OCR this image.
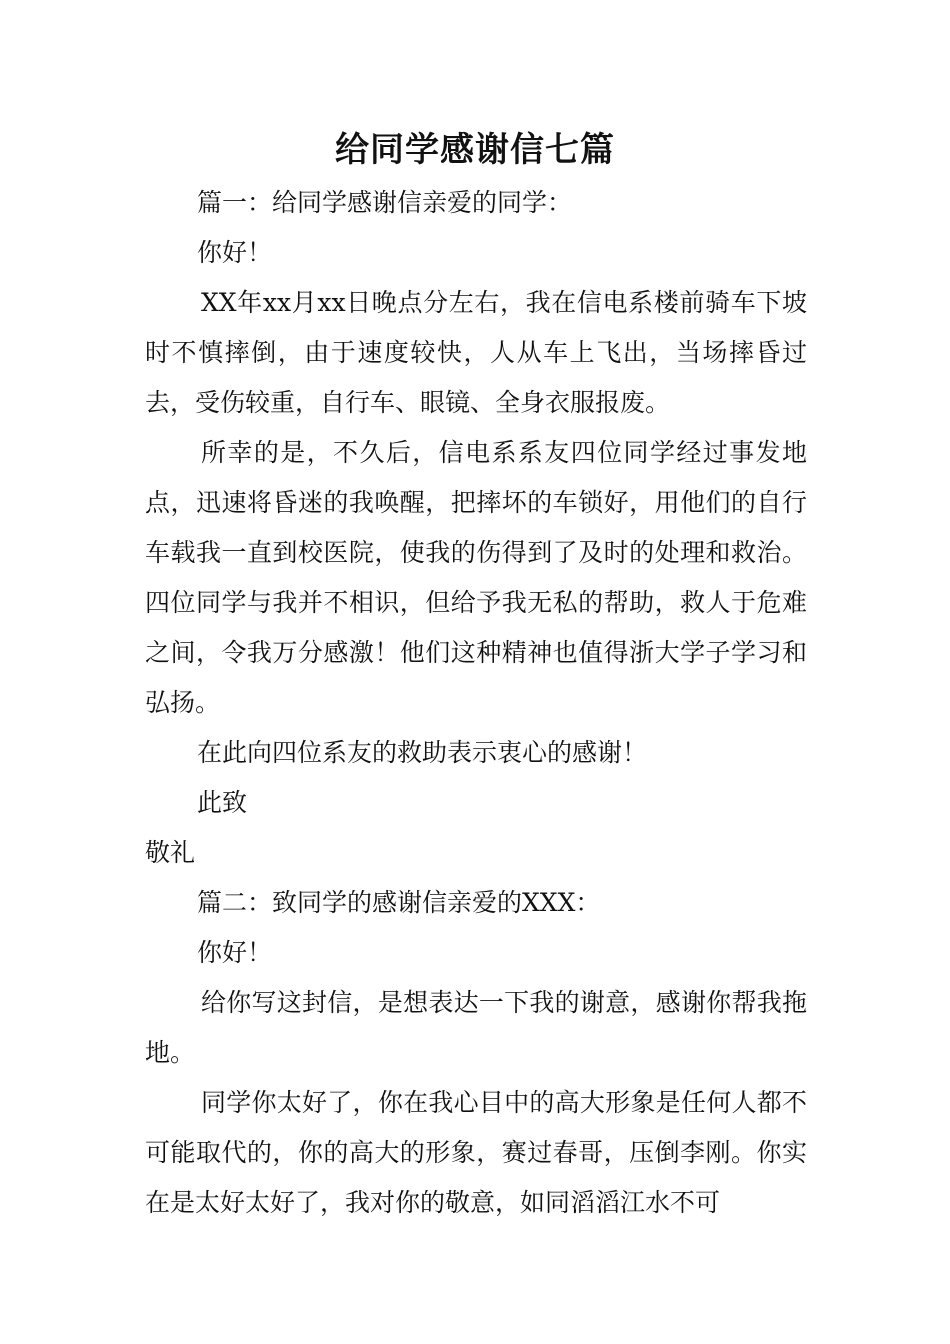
给同学感谢信七篇

篇一：给同学感谢信亲爱的同学：

你好！

XX年xx月xx日晚点分左右，我在信电系楼前骑车下坡时不慎摔倒，由于速度较快，人从车上飞出，当场摔昏过去，受伤较重，自行车、眼镜、全身衣服报废。

所幸的是，不久后，信电系系友四位同学经过事发地点，迅速将昏迷的我唤醒，把摔坏的车锁好，用他们的自行车载我一直到校医院，使我的伤得到了及时的处理和救治。四位同学与我并不相识，但给予我无私的帮助，救人于危难之间，令我万分感激！他们这种精神也值得浙大学子学习和弘扬。

在此向四位系友的救助表示衷心的感谢！

此致

敬礼

篇二：致同学的感谢信亲爱的XXX：

你好！

给你写这封信，是想表达一下我的谢意，感谢你帮我拖地。

同学你太好了，你在我心目中的高大形象是任何人都不可能取代的，你的高大的形象，赛过春哥，压倒李刚。你实在是太好太好了，我对你的敬意，如同滔滔江水不可
